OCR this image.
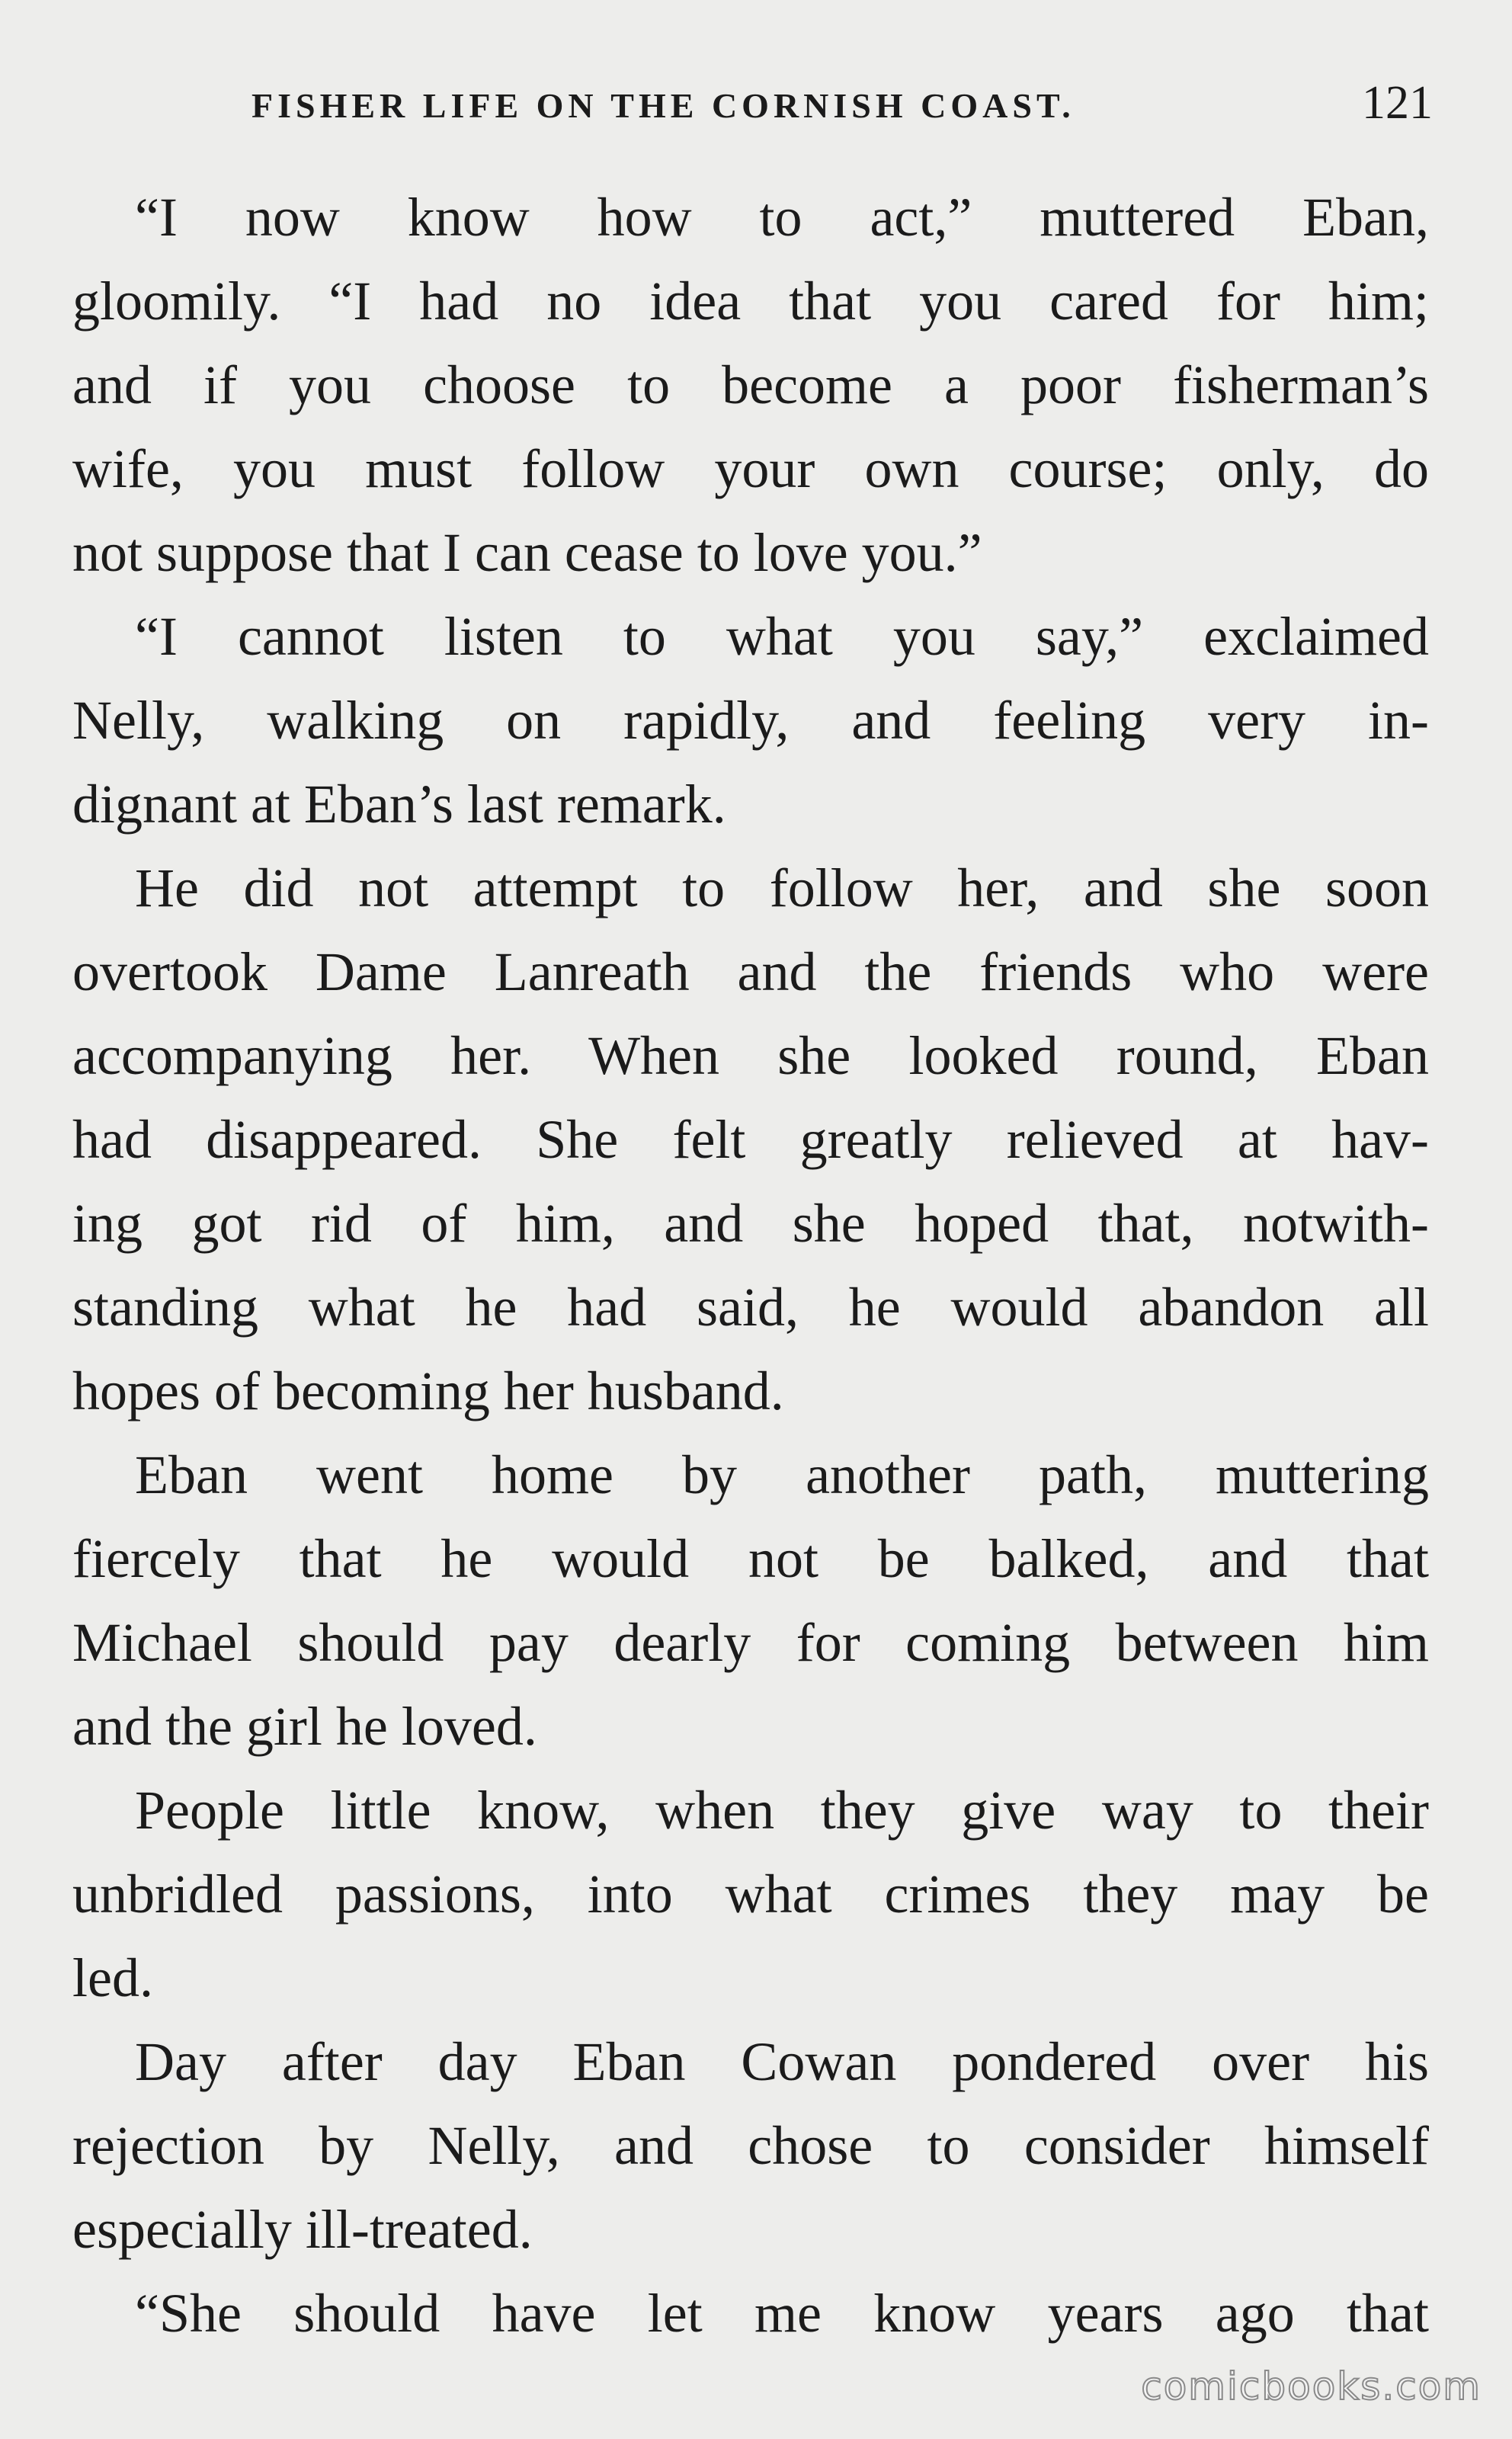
FISHER LIFE ON THE CORNISH COAST.	121
“I now know how to act,” muttered Eban,
gloomily. “I had no idea that you cared for him;
and if you choose to become a poor fisherman’s
wife, you must follow your own course; only, do
not suppose that I can cease to love you.”
“I cannot listen to what you say,” exclaimed
Nelly, walking on rapidly, and feeling very in-
dignant at Eban’s last remark.
He did not attempt to follow her, and she soon
overtook Dame Lanreath and the friends who were
accompanying her. When she looked round, Eban
had disappeared. She felt greatly relieved at hav-
ing got rid of him, and she hoped that, notwith-
standing what he had said, he would abandon all
hopes of becoming her husband.
Eban went home by another path, muttering
fiercely that he would not be balked, and that
Michael should pay dearly for coming between him
and the girl he loved.
People little know, when they give way to their
unbridled passions, into what crimes they may be
led.
Day after day Eban Cowan pondered over his
rejection by Nelly, and chose to consider himself
especially ill-treated.
“She should have let me know years ago that
comicbooks.com
